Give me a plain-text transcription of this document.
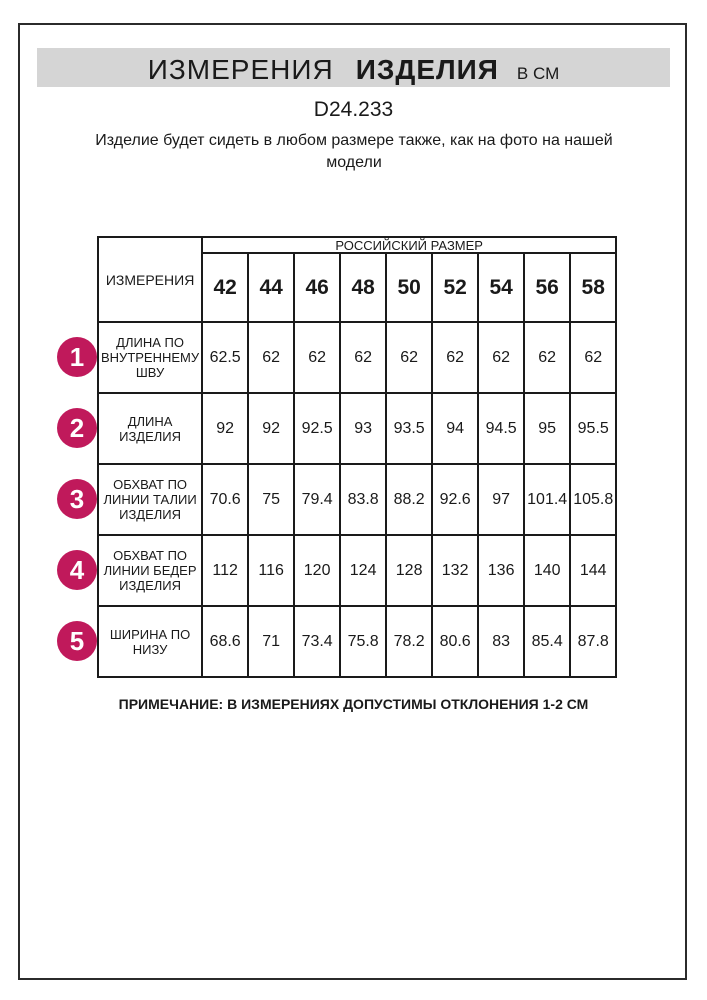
ИЗМЕРЕНИЯ ИЗДЕЛИЯ В СМ
D24.233
Изделие будет сидеть в любом размере также, как на фото на нашей модели
ИЗМЕРЕНИЯ	РОССИЙСКИЙ РАЗМЕР								
	42	44	46	48	50	52	54	56	58
ДЛИНА ПО ВНУТРЕННЕМУ ШВУ	62.5	62	62	62	62	62	62	62	62
ДЛИНА ИЗДЕЛИЯ	92	92	92.5	93	93.5	94	94.5	95	95.5
ОБХВАТ ПО ЛИНИИ ТАЛИИ ИЗДЕЛИЯ	70.6	75	79.4	83.8	88.2	92.6	97	101.4	105.8
ОБХВАТ ПО ЛИНИИ БЕДЕР ИЗДЕЛИЯ	112	116	120	124	128	132	136	140	144
ШИРИНА ПО НИЗУ	68.6	71	73.4	75.8	78.2	80.6	83	85.4	87.8
1
2
3
4
5
ПРИМЕЧАНИЕ: В ИЗМЕРЕНИЯХ ДОПУСТИМЫ ОТКЛОНЕНИЯ 1-2 СМ
